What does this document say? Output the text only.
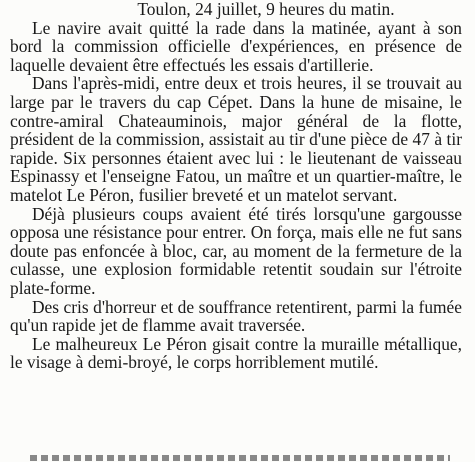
Toulon, 24 juillet, 9 heures du matin.

Le navire avait quitté la rade dans la matinée, ayant à son bord la commission officielle d'expériences, en présence de laquelle devaient être effectués les essais d'artillerie.

Dans l'après-midi, entre deux et trois heures, il se trouvait au large par le travers du cap Cépet. Dans la hune de misaine, le contre-amiral Chateauminois, major général de la flotte, président de la commission, assistait au tir d'une pièce de 47 à tir rapide. Six personnes étaient avec lui : le lieutenant de vaisseau Espinassy et l'enseigne Fatou, un maître et un quartier-maître, le matelot Le Péron, fusilier breveté et un matelot servant.

Déjà plusieurs coups avaient été tirés lorsqu'une gargousse opposa une résistance pour entrer. On força, mais elle ne fut sans doute pas enfoncée à bloc, car, au moment de la fermeture de la culasse, une explosion formidable retentit soudain sur l'étroite plate-forme.

Des cris d'horreur et de souffrance retentirent, parmi la fumée qu'un rapide jet de flamme avait traversée.

Le malheureux Le Péron gisait contre la muraille métallique, le visage à demi-broyé, le corps horriblement mutilé.
